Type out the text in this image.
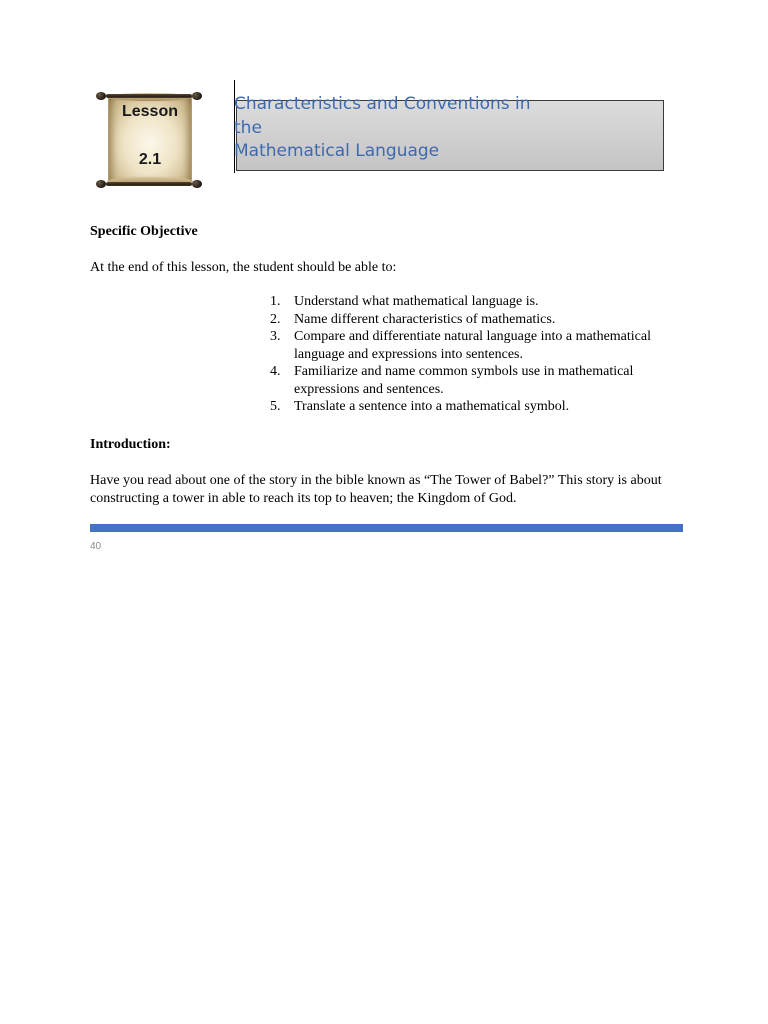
Lesson
2.1
Characteristics and Conventions in
the
Mathematical Language
Specific Objective
At the end of this lesson, the student should be able to:
1. Understand what mathematical language is.
2. Name different characteristics of mathematics.
3. Compare and differentiate natural language into a mathematical language and expressions into sentences.
4. Familiarize and name common symbols use in mathematical expressions and sentences.
5. Translate a sentence into a mathematical symbol.
Introduction:
Have you read about one of the story in the bible known as “The Tower of Babel?” This story is about constructing a tower in able to reach its top to heaven; the Kingdom of God.
40
